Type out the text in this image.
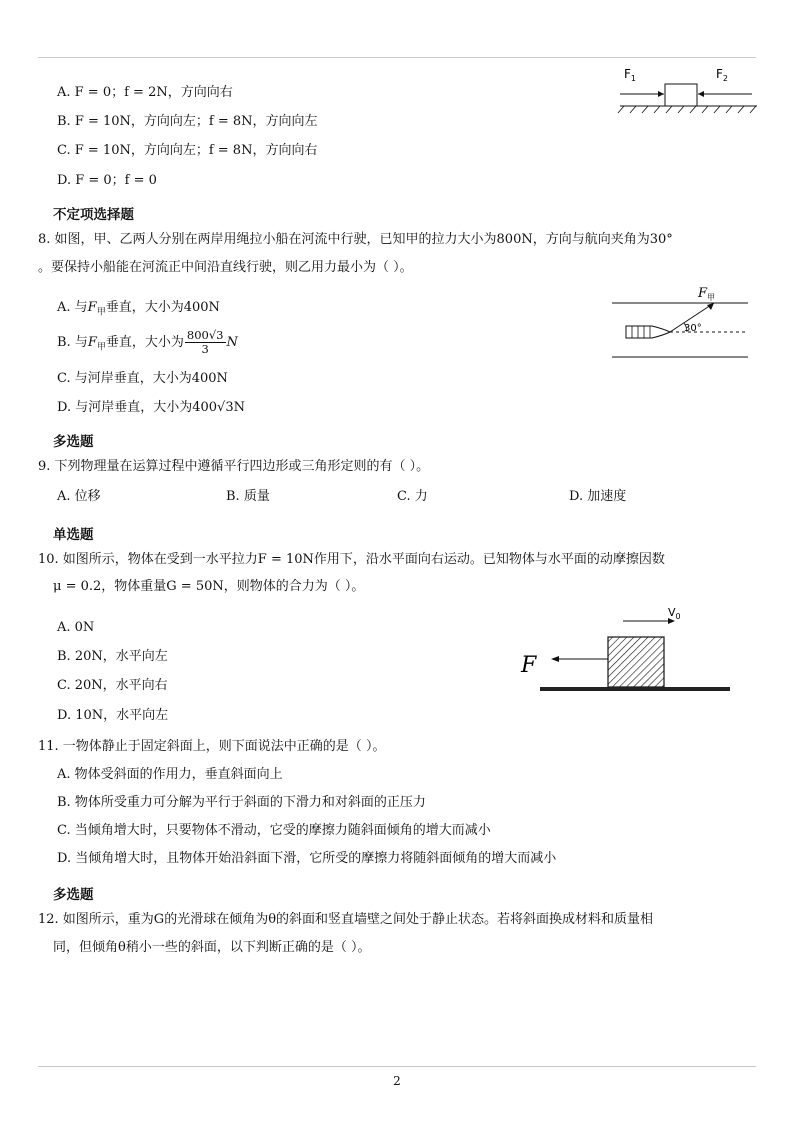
A. F = 0；f = 2N，方向向右
B. F = 10N，方向向左；f = 8N，方向向左
C. F = 10N，方向向左；f = 8N，方向向右
D. F = 0；f = 0
$F_1$	$F_2$
不定项选择题
8. 如图，甲、乙两人分别在两岸用绳拉小船在河流中行驶，已知甲的拉力大小为800N，方向与航向夹角为30°
。要保持小船能在河流正中间沿直线行驶，则乙用力最小为（ ）。
A. 与$F_甲$垂直，大小为400N
B. 与$F_甲$垂直，大小为 $\frac{800√3}{3}$ N
C. 与河岸垂直，大小为400N
D. 与河岸垂直，大小为400√3N
$F_甲$
30°
多选题
9. 下列物理量在运算过程中遵循平行四边形或三角形定则的有（ ）。
A. 位移	B. 质量	C. 力	D. 加速度
单选题
10. 如图所示，物体在受到一水平拉力F = 10N作用下，沿水平面向右运动。已知物体与水平面的动摩擦因数
μ = 0.2，物体重量G = 50N，则物体的合力为（ ）。
A. 0N
B. 20N，水平向左
C. 20N，水平向右
D. 10N，水平向左
$V_0$
F
11. 一物体静止于固定斜面上，则下面说法中正确的是（ ）。
A. 物体受斜面的作用力，垂直斜面向上
B. 物体所受重力可分解为平行于斜面的下滑力和对斜面的正压力
C. 当倾角增大时，只要物体不滑动，它受的摩擦力随斜面倾角的增大而减小
D. 当倾角增大时，且物体开始沿斜面下滑，它所受的摩擦力将随斜面倾角的增大而减小
多选题
12. 如图所示，重为G的光滑球在倾角为θ的斜面和竖直墙壁之间处于静止状态。若将斜面换成材料和质量相
同，但倾角θ稍小一些的斜面，以下判断正确的是（ ）。
2
